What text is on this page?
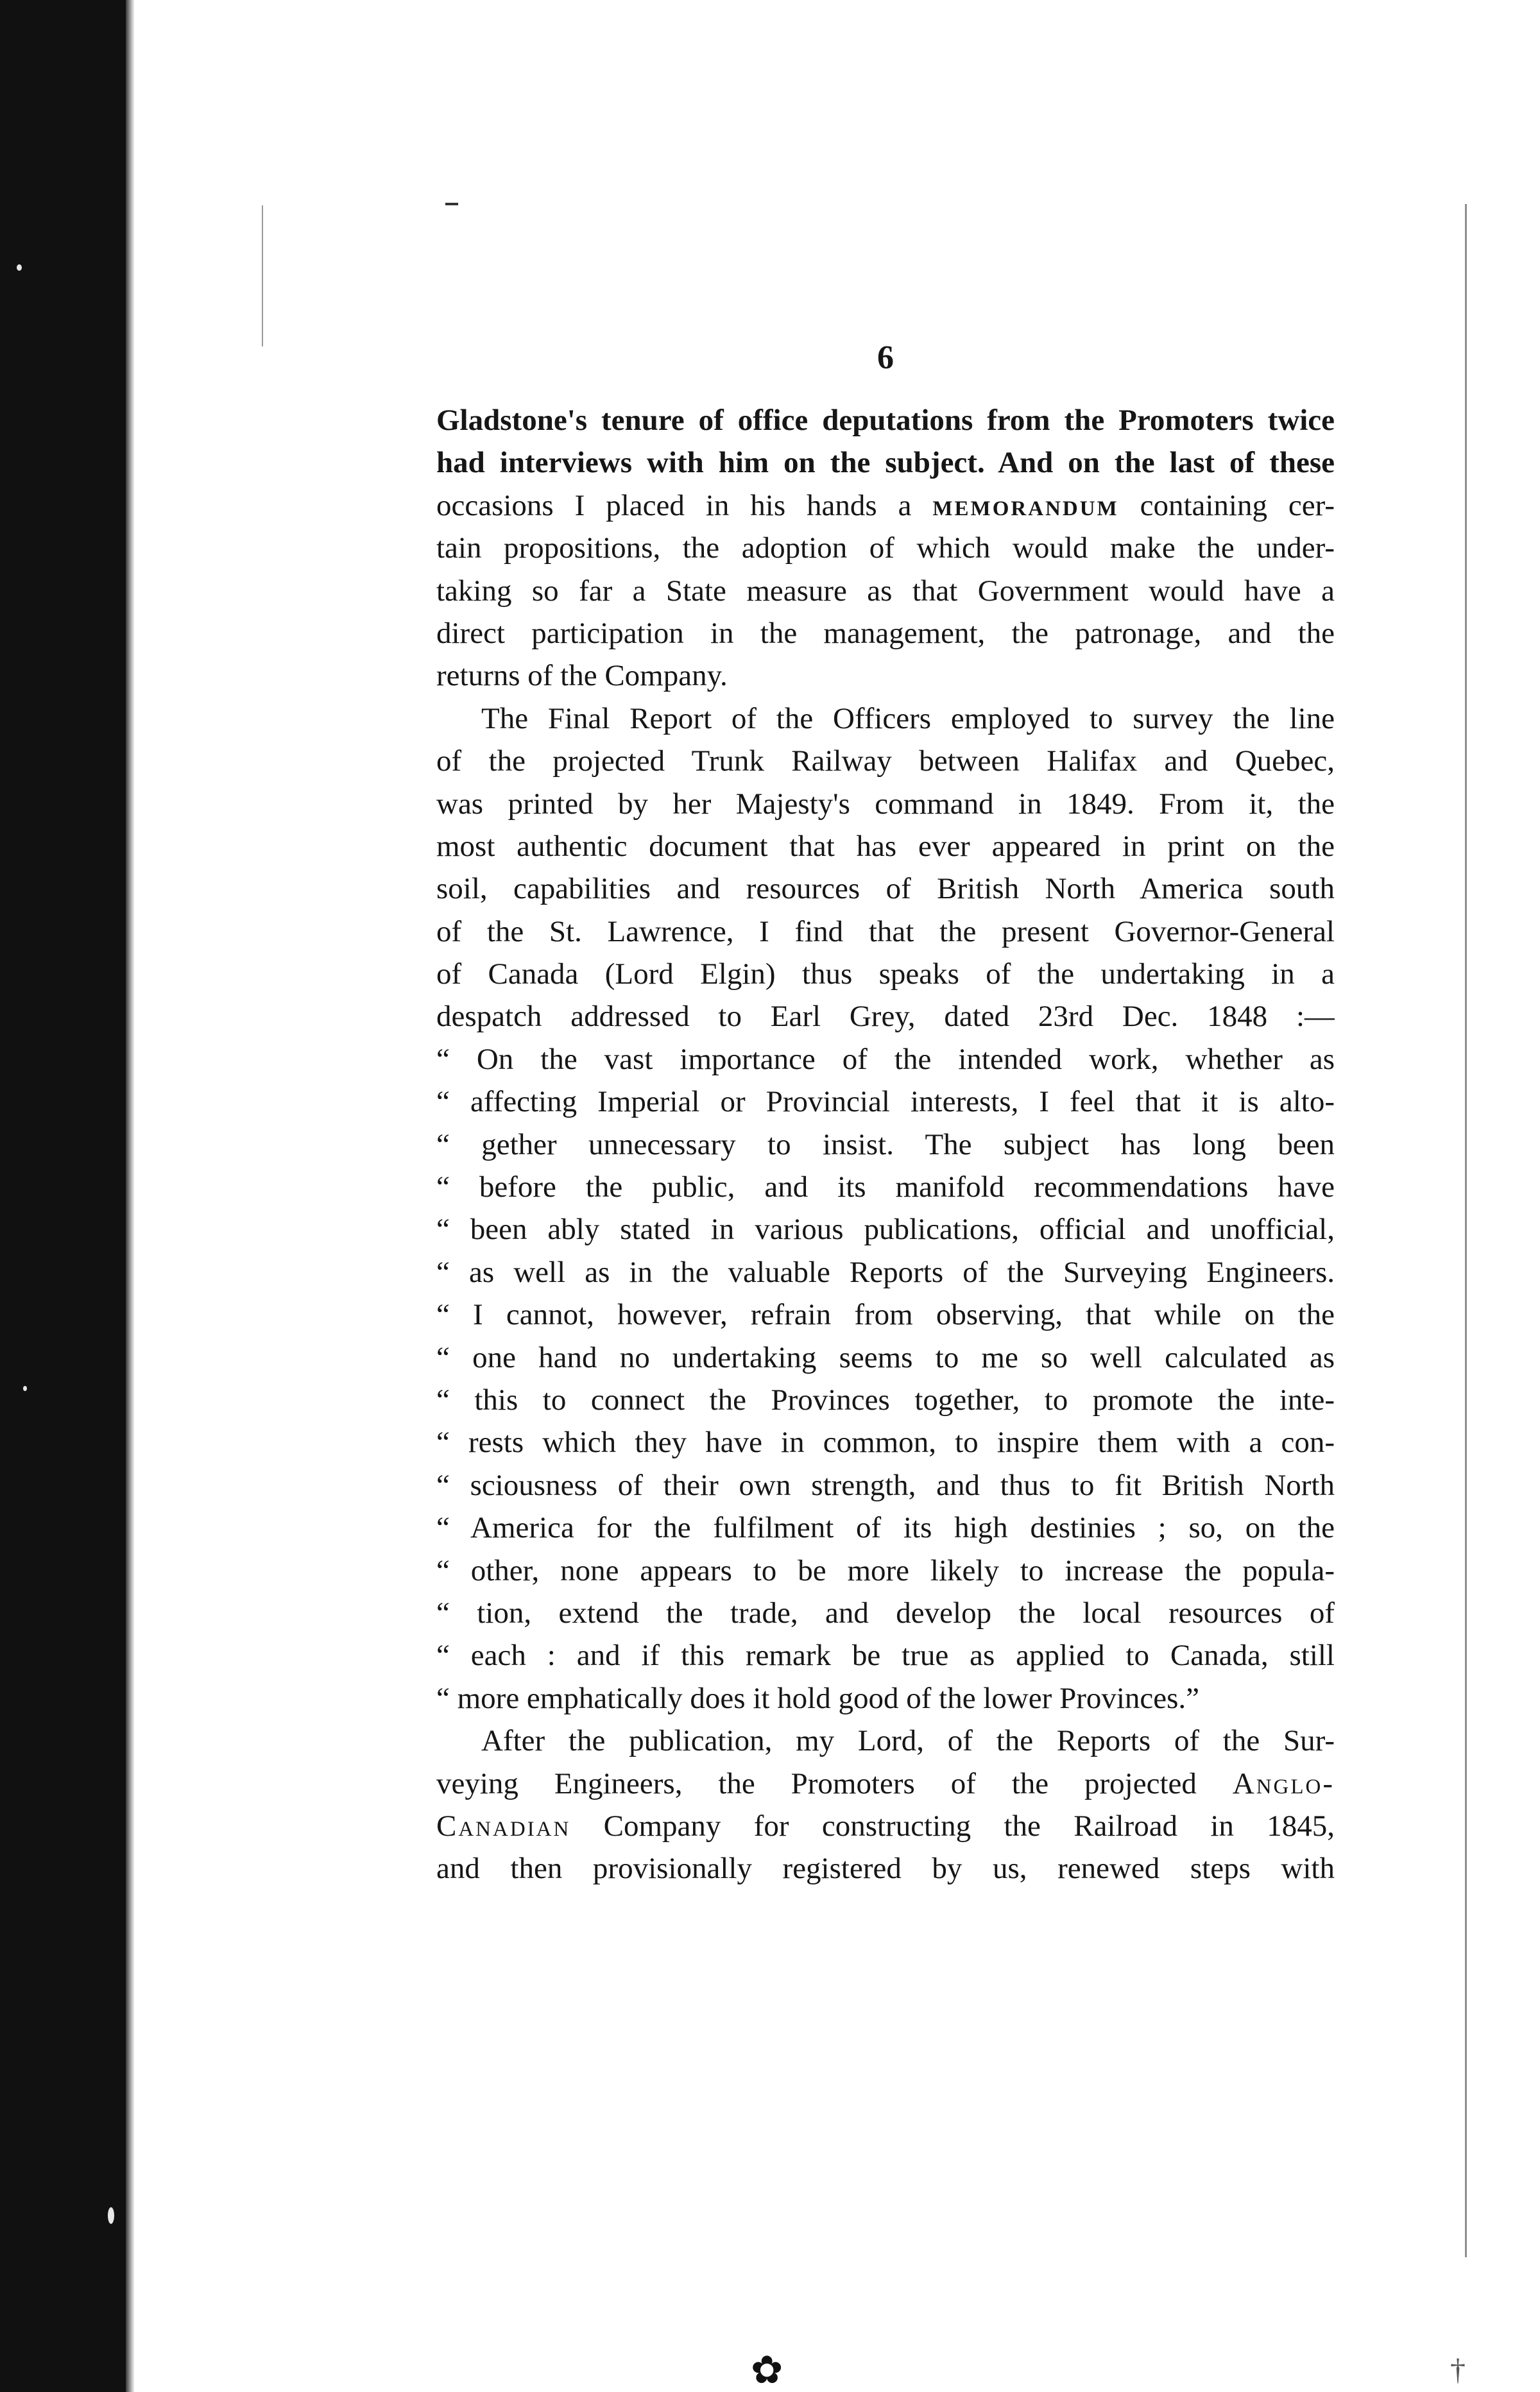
6
Gladstone's tenure of office deputations from the Promoters twice
had interviews with him on the subject. And on the last of these
occasions I placed in his hands a memorandum containing cer-
tain propositions, the adoption of which would make the under-
taking so far a State measure as that Government would have a
direct participation in the management, the patronage, and the
returns of the Company.
The Final Report of the Officers employed to survey the line
of the projected Trunk Railway between Halifax and Quebec,
was printed by her Majesty's command in 1849. From it, the
most authentic document that has ever appeared in print on the
soil, capabilities and resources of British North America south
of the St. Lawrence, I find that the present Governor-General
of Canada (Lord Elgin) thus speaks of the undertaking in a
despatch addressed to Earl Grey, dated 23rd Dec. 1848 :—
“ On the vast importance of the intended work, whether as
“ affecting Imperial or Provincial interests, I feel that it is alto-
“ gether unnecessary to insist. The subject has long been
“ before the public, and its manifold recommendations have
“ been ably stated in various publications, official and unofficial,
“ as well as in the valuable Reports of the Surveying Engineers.
“ I cannot, however, refrain from observing, that while on the
“ one hand no undertaking seems to me so well calculated as
“ this to connect the Provinces together, to promote the inte-
“ rests which they have in common, to inspire them with a con-
“ sciousness of their own strength, and thus to fit British North
“ America for the fulfilment of its high destinies ; so, on the
“ other, none appears to be more likely to increase the popula-
“ tion, extend the trade, and develop the local resources of
“ each : and if this remark be true as applied to Canada, still
“ more emphatically does it hold good of the lower Provinces.”
After the publication, my Lord, of the Reports of the Sur-
veying Engineers, the Promoters of the projected Anglo-
Canadian Company for constructing the Railroad in 1845,
and then provisionally registered by us, renewed steps with
✿	†
